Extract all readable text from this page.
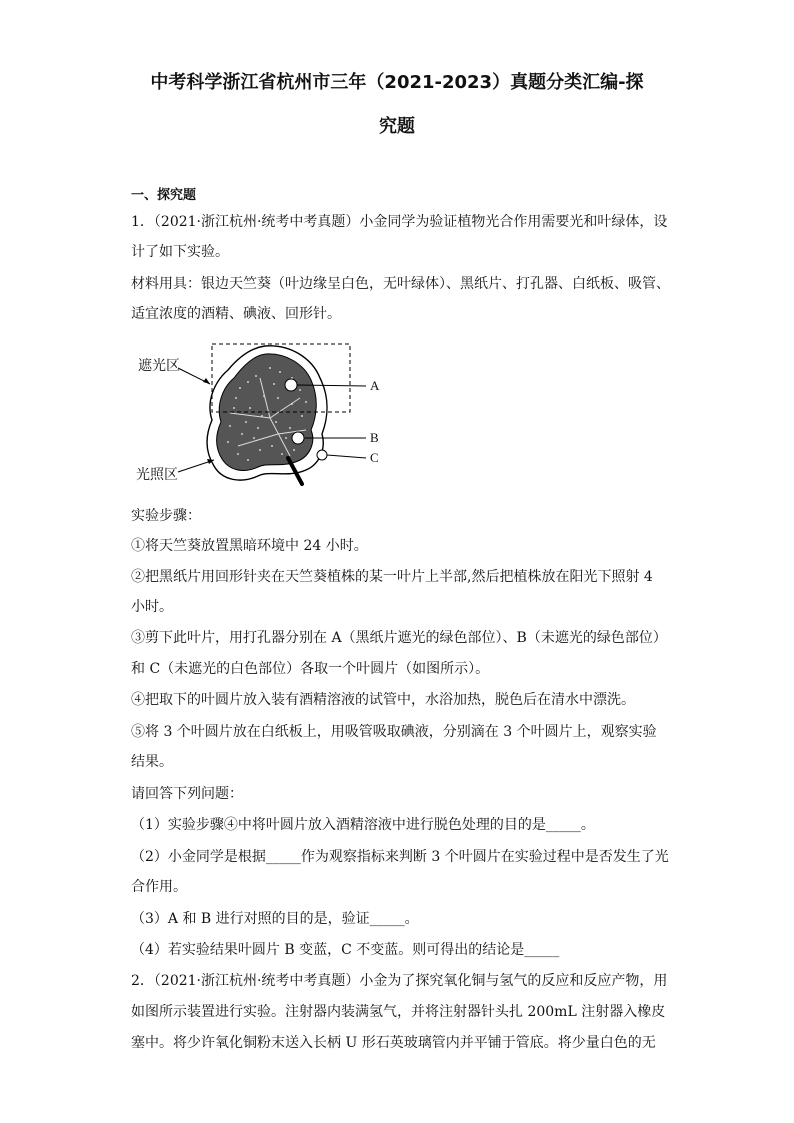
中考科学浙江省杭州市三年（2021-2023）真题分类汇编-探
究题
一、探究题
1．（2021·浙江杭州·统考中考真题）小金同学为验证植物光合作用需要光和叶绿体，设
计了如下实验。
材料用具：银边天竺葵（叶边缘呈白色，无叶绿体）、黑纸片、打孔器、白纸板、吸管、
适宜浓度的酒精、碘液、回形针。
遮光区
光照区
A
B
C
实验步骤：
①将天竺葵放置黑暗环境中 24 小时。
②把黑纸片用回形针夹在天竺葵植株的某一叶片上半部,然后把植株放在阳光下照射 4
小时。
③剪下此叶片，用打孔器分别在 A（黑纸片遮光的绿色部位）、B（未遮光的绿色部位）
和 C（未遮光的白色部位）各取一个叶圆片（如图所示）。
④把取下的叶圆片放入装有酒精溶液的试管中，水浴加热，脱色后在清水中漂洗。
⑤将 3 个叶圆片放在白纸板上，用吸管吸取碘液，分别滴在 3 个叶圆片上，观察实验
结果。
请回答下列问题：
（1）实验步骤④中将叶圆片放入酒精溶液中进行脱色处理的目的是_____。
（2）小金同学是根据_____作为观察指标来判断 3 个叶圆片在实验过程中是否发生了光
合作用。
（3）A 和 B 进行对照的目的是，验证_____。
（4）若实验结果叶圆片 B 变蓝，C 不变蓝。则可得出的结论是_____
2．（2021·浙江杭州·统考中考真题）小金为了探究氧化铜与氢气的反应和反应产物，用
如图所示装置进行实验。注射器内装满氢气，并将注射器针头扎 200mL 注射器入橡皮
塞中。将少许氧化铜粉末送入长柄 U 形石英玻璃管内并平铺于管底。将少量白色的无
